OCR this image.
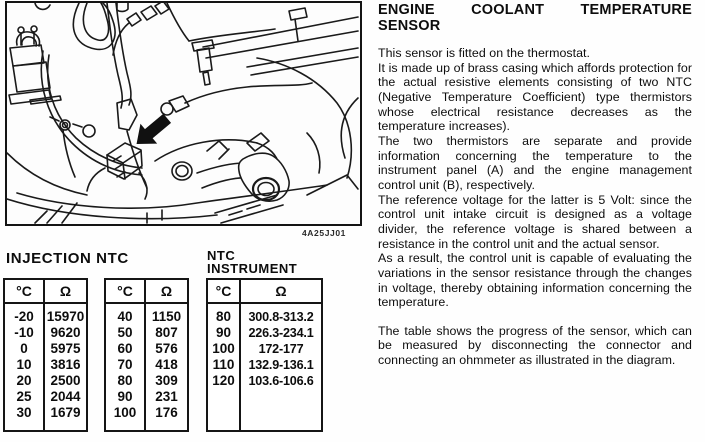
4A25JJ01
INJECTION NTC
°C
-20
-10
0
10
20
25
30
Ω
15970
9620
5975
3816
2500
2044
1679
°C
40
50
60
70
80
90
100
Ω
1150
807
576
418
309
231
176
NTC
INSTRUMENT
°C
80
90
100
110
120
Ω
300.8-313.2
226.3-234.1
172-177
132.9-136.1
103.6-106.6
ENGINE	COOLANT	TEMPERATURE
SENSOR

This sensor is fitted on the thermostat.

It is made up of brass casing which affords protection for the actual resistive elements consisting of two NTC (Negative Temperature Coefficient) type thermistors whose electrical resistance decreases as the temperature increases).

The two thermistors are separate and provide information concerning the temperature to the instrument panel (A) and the engine management control unit (B), respectively.

The reference voltage for the latter is 5 Volt: since the control unit intake circuit is designed as a voltage divider, the reference voltage is shared between a resistance in the control unit and the actual sensor.

As a result, the control unit is capable of evaluating the variations in the sensor resistance through the changes in voltage, thereby obtaining information concerning the temperature.

The table shows the progress of the sensor, which can be measured by disconnecting the connector and connecting an ohmmeter as illustrated in the diagram.
